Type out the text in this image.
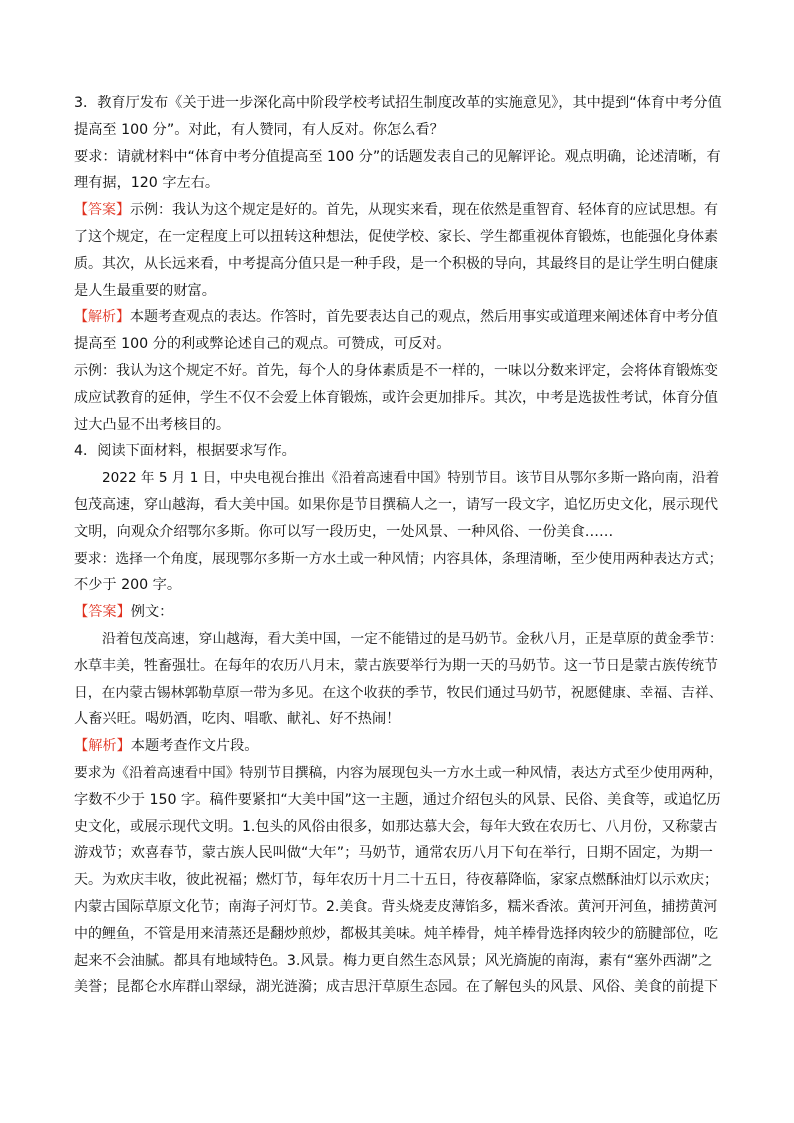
3．教育厅发布《关于进一步深化高中阶段学校考试招生制度改革的实施意见》，其中提到“体育中考分值
提高至 100 分”。对此，有人赞同，有人反对。你怎么看？
要求：请就材料中“体育中考分值提高至 100 分”的话题发表自己的见解评论。观点明确，论述清晰，有
理有据，120 字左右。
【答案】示例：我认为这个规定是好的。首先，从现实来看，现在依然是重智育、轻体育的应试思想。有
了这个规定，在一定程度上可以扭转这种想法，促使学校、家长、学生都重视体育锻炼，也能强化身体素
质。其次，从长远来看，中考提高分值只是一种手段，是一个积极的导向，其最终目的是让学生明白健康
是人生最重要的财富。
【解析】本题考查观点的表达。作答时，首先要表达自己的观点，然后用事实或道理来阐述体育中考分值
提高至 100 分的利或弊论述自己的观点。可赞成，可反对。
示例：我认为这个规定不好。首先，每个人的身体素质是不一样的，一味以分数来评定，会将体育锻炼变
成应试教育的延伸，学生不仅不会爱上体育锻炼，或许会更加排斥。其次，中考是选拔性考试，体育分值
过大凸显不出考核目的。
4．阅读下面材料，根据要求写作。
2022 年 5 月 1 日，中央电视台推出《沿着高速看中国》特别节目。该节目从鄂尔多斯一路向南，沿着
包茂高速，穿山越海，看大美中国。如果你是节目撰稿人之一，请写一段文字，追忆历史文化，展示现代
文明，向观众介绍鄂尔多斯。你可以写一段历史，一处风景、一种风俗、一份美食……
要求：选择一个角度，展现鄂尔多斯一方水土或一种风情；内容具体，条理清晰，至少使用两种表达方式；
不少于 200 字。
【答案】例文：
沿着包茂高速，穿山越海，看大美中国，一定不能错过的是马奶节。金秋八月，正是草原的黄金季节：
水草丰美，牲畜强壮。在每年的农历八月末，蒙古族要举行为期一天的马奶节。这一节日是蒙古族传统节
日，在内蒙古锡林郭勒草原一带为多见。在这个收获的季节，牧民们通过马奶节，祝愿健康、幸福、吉祥、
人畜兴旺。喝奶酒，吃肉、唱歌、献礼、好不热闹！
【解析】本题考查作文片段。
要求为《沿着高速看中国》特别节目撰稿，内容为展现包头一方水土或一种风情，表达方式至少使用两种，
字数不少于 150 字。稿件要紧扣“大美中国”这一主题，通过介绍包头的风景、民俗、美食等，或追忆历
史文化，或展示现代文明。1.包头的风俗由很多，如那达慕大会，每年大致在农历七、八月份，又称蒙古
游戏节；欢喜春节，蒙古族人民叫做“大年”；马奶节，通常农历八月下旬在举行，日期不固定，为期一
天。为欢庆丰收，彼此祝福；燃灯节，每年农历十月二十五日，待夜幕降临，家家点燃酥油灯以示欢庆；
内蒙古国际草原文化节；南海子河灯节。2.美食。背头烧麦皮薄馅多，糯米香浓。黄河开河鱼，捕捞黄河
中的鲤鱼，不管是用来清蒸还是翻炒煎炒，都极其美味。炖羊棒骨，炖羊棒骨选择肉较少的筋腱部位，吃
起来不会油腻。都具有地域特色。3.风景。梅力更自然生态风景；风光旖旎的南海，素有“塞外西湖”之
美誉；昆都仑水库群山翠绿，湖光涟漪；成吉思汗草原生态园。在了解包头的风景、风俗、美食的前提下
